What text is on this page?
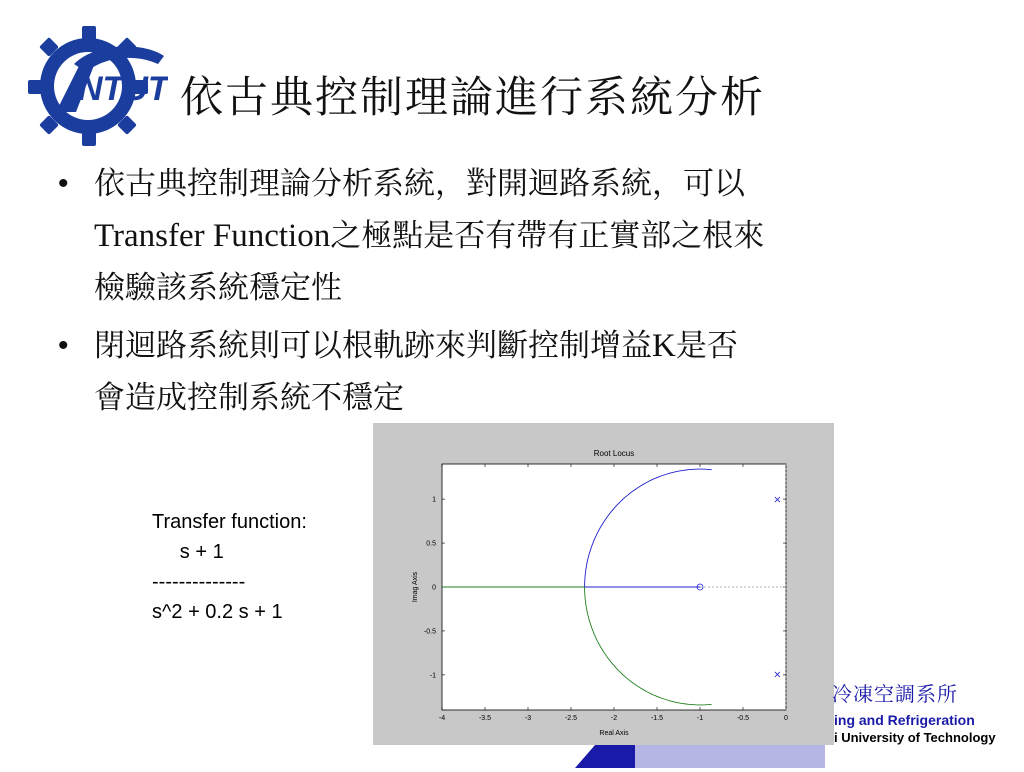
NTUT 依古典控制理論進行系統分析
• 依古典控制理論分析系統，對開迴路系統，可以
Transfer Function之極點是否有帶有正實部之根來
檢驗該系統穩定性
• 閉迴路系統則可以根軌跡來判斷控制增益K是否
會造成控制系統不穩定
Transfer function:
s + 1
--------------
s^2 + 0.2 s + 1
Root Locus
Real Axis
Imag Axis
-4	-3.5	-3	-2.5	-2	-1.5	-1	-0.5	0
1
0.5
0
-0.5
-1
冷凍空調系所
ing and Refrigeration
i University of Technology
